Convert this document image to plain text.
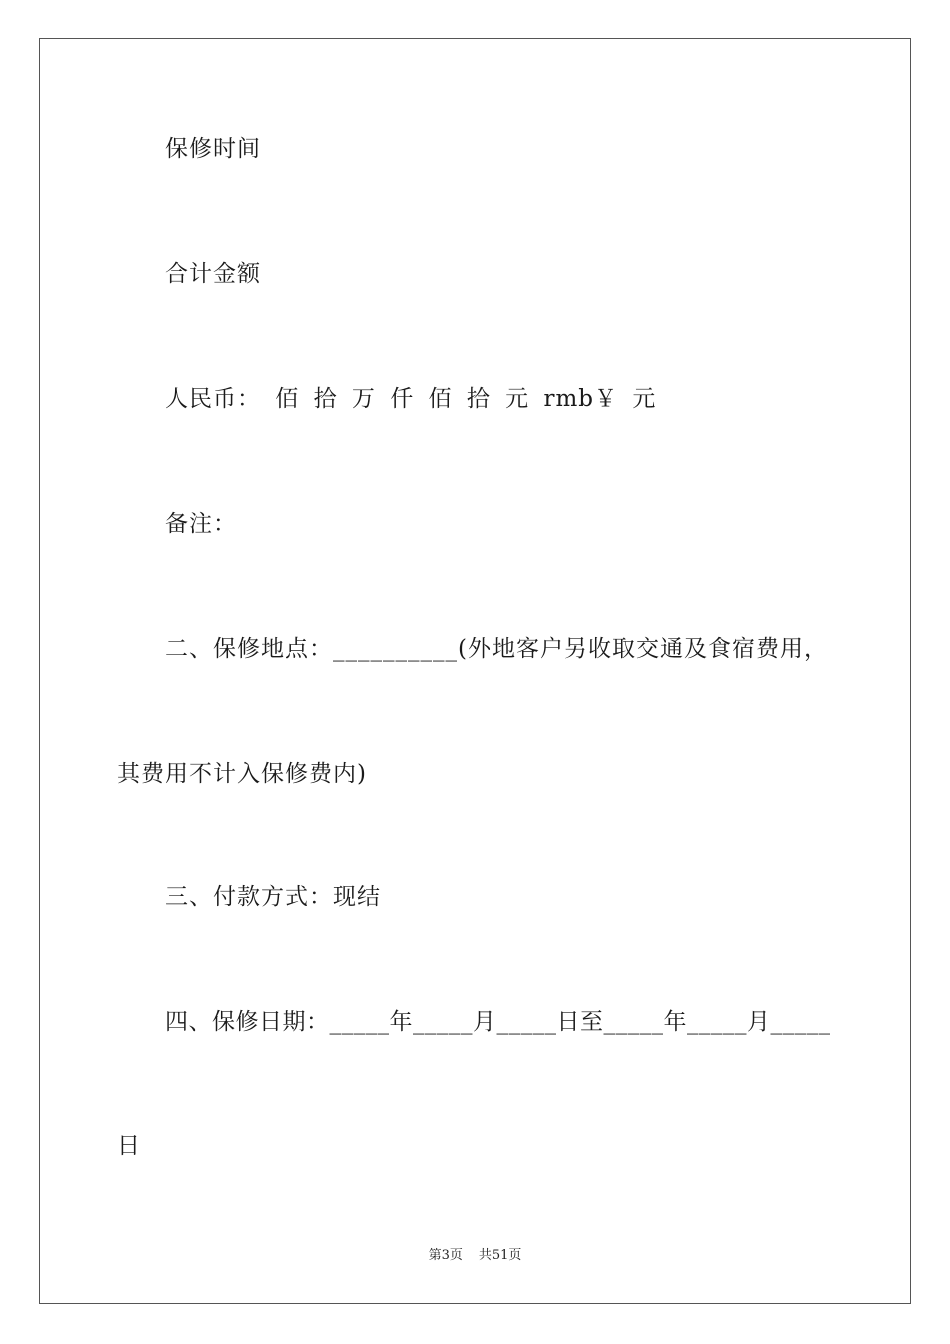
保修时间
合计金额
人民币： 佰 拾 万 仟 佰 拾 元 rmb￥ 元
备注：
二、保修地点：__________(外地客户另收取交通及食宿费用，
其费用不计入保修费内)
三、付款方式：现结
四、保修日期：_____年_____月_____日至_____年_____月_____
日
第3页 共51页
